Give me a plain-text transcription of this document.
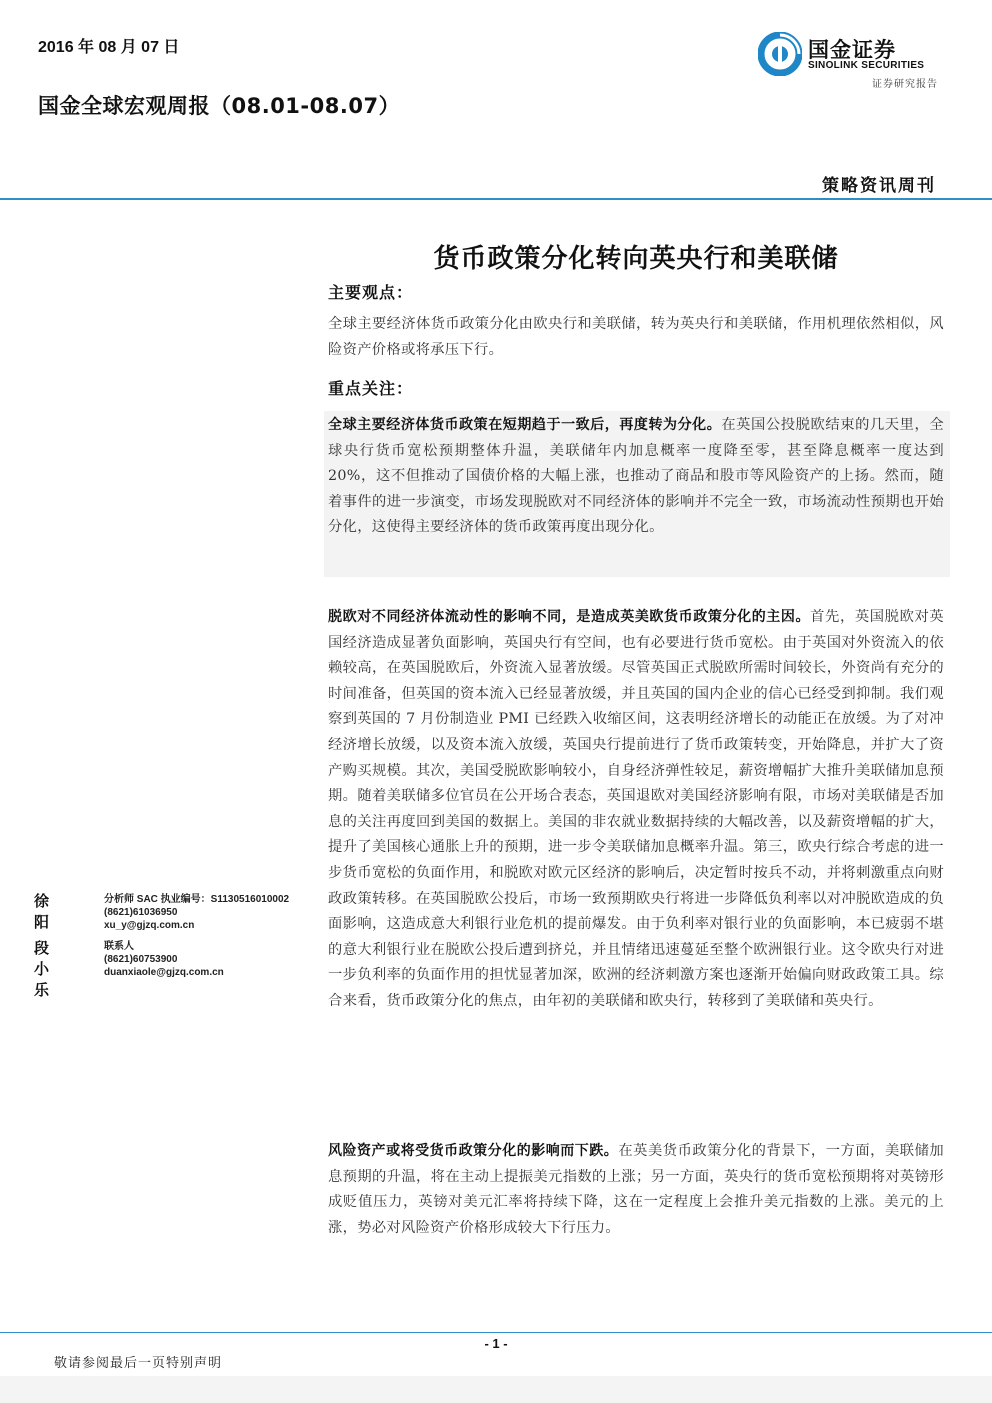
2016 年 08 月 07 日
国金全球宏观周报（08.01-08.07）
国金证券
SINOLINK SECURITIES
证券研究报告
策略资讯周刊
货币政策分化转向英央行和美联储
主要观点：
全球主要经济体货币政策分化由欧央行和美联储，转为英央行和美联储，作用机理依然相似，风险资产价格或将承压下行。
重点关注：
全球主要经济体货币政策在短期趋于一致后，再度转为分化。在英国公投脱欧结束的几天里，全球央行货币宽松预期整体升温，美联储年内加息概率一度降至零，甚至降息概率一度达到20%，这不但推动了国债价格的大幅上涨，也推动了商品和股市等风险资产的上扬。然而，随着事件的进一步演变，市场发现脱欧对不同经济体的影响并不完全一致，市场流动性预期也开始分化，这使得主要经济体的货币政策再度出现分化。
脱欧对不同经济体流动性的影响不同，是造成英美欧货币政策分化的主因。首先，英国脱欧对英国经济造成显著负面影响，英国央行有空间，也有必要进行货币宽松。由于英国对外资流入的依赖较高，在英国脱欧后，外资流入显著放缓。尽管英国正式脱欧所需时间较长，外资尚有充分的时间准备，但英国的资本流入已经显著放缓，并且英国的国内企业的信心已经受到抑制。我们观察到英国的 7 月份制造业 PMI 已经跌入收缩区间，这表明经济增长的动能正在放缓。为了对冲经济增长放缓，以及资本流入放缓，英国央行提前进行了货币政策转变，开始降息，并扩大了资产购买规模。其次，美国受脱欧影响较小，自身经济弹性较足，薪资增幅扩大推升美联储加息预期。随着美联储多位官员在公开场合表态，英国退欧对美国经济影响有限，市场对美联储是否加息的关注再度回到美国的数据上。美国的非农就业数据持续的大幅改善，以及薪资增幅的扩大，提升了美国核心通胀上升的预期，进一步令美联储加息概率升温。第三，欧央行综合考虑的进一步货币宽松的负面作用，和脱欧对欧元区经济的影响后，决定暂时按兵不动，并将刺激重点向财政政策转移。在英国脱欧公投后，市场一致预期欧央行将进一步降低负利率以对冲脱欧造成的负面影响，这造成意大利银行业危机的提前爆发。由于负利率对银行业的负面影响，本已疲弱不堪的意大利银行业在脱欧公投后遭到挤兑，并且情绪迅速蔓延至整个欧洲银行业。这令欧央行对进一步负利率的负面作用的担忧显著加深，欧洲的经济刺激方案也逐渐开始偏向财政政策工具。综合来看，货币政策分化的焦点，由年初的美联储和欧央行，转移到了美联储和英央行。
风险资产或将受货币政策分化的影响而下跌。在英美货币政策分化的背景下，一方面，美联储加息预期的升温，将在主动上提振美元指数的上涨；另一方面，英央行的货币宽松预期将对英镑形成贬值压力，英镑对美元汇率将持续下降，这在一定程度上会推升美元指数的上涨。美元的上涨，势必对风险资产价格形成较大下行压力。
徐阳
分析师 SAC 执业编号：S1130516010002
(8621)61036950
xu_y@gjzq.com.cn
段小乐
联系人
(8621)60753900
duanxiaole@gjzq.com.cn
- 1 -
敬请参阅最后一页特别声明
